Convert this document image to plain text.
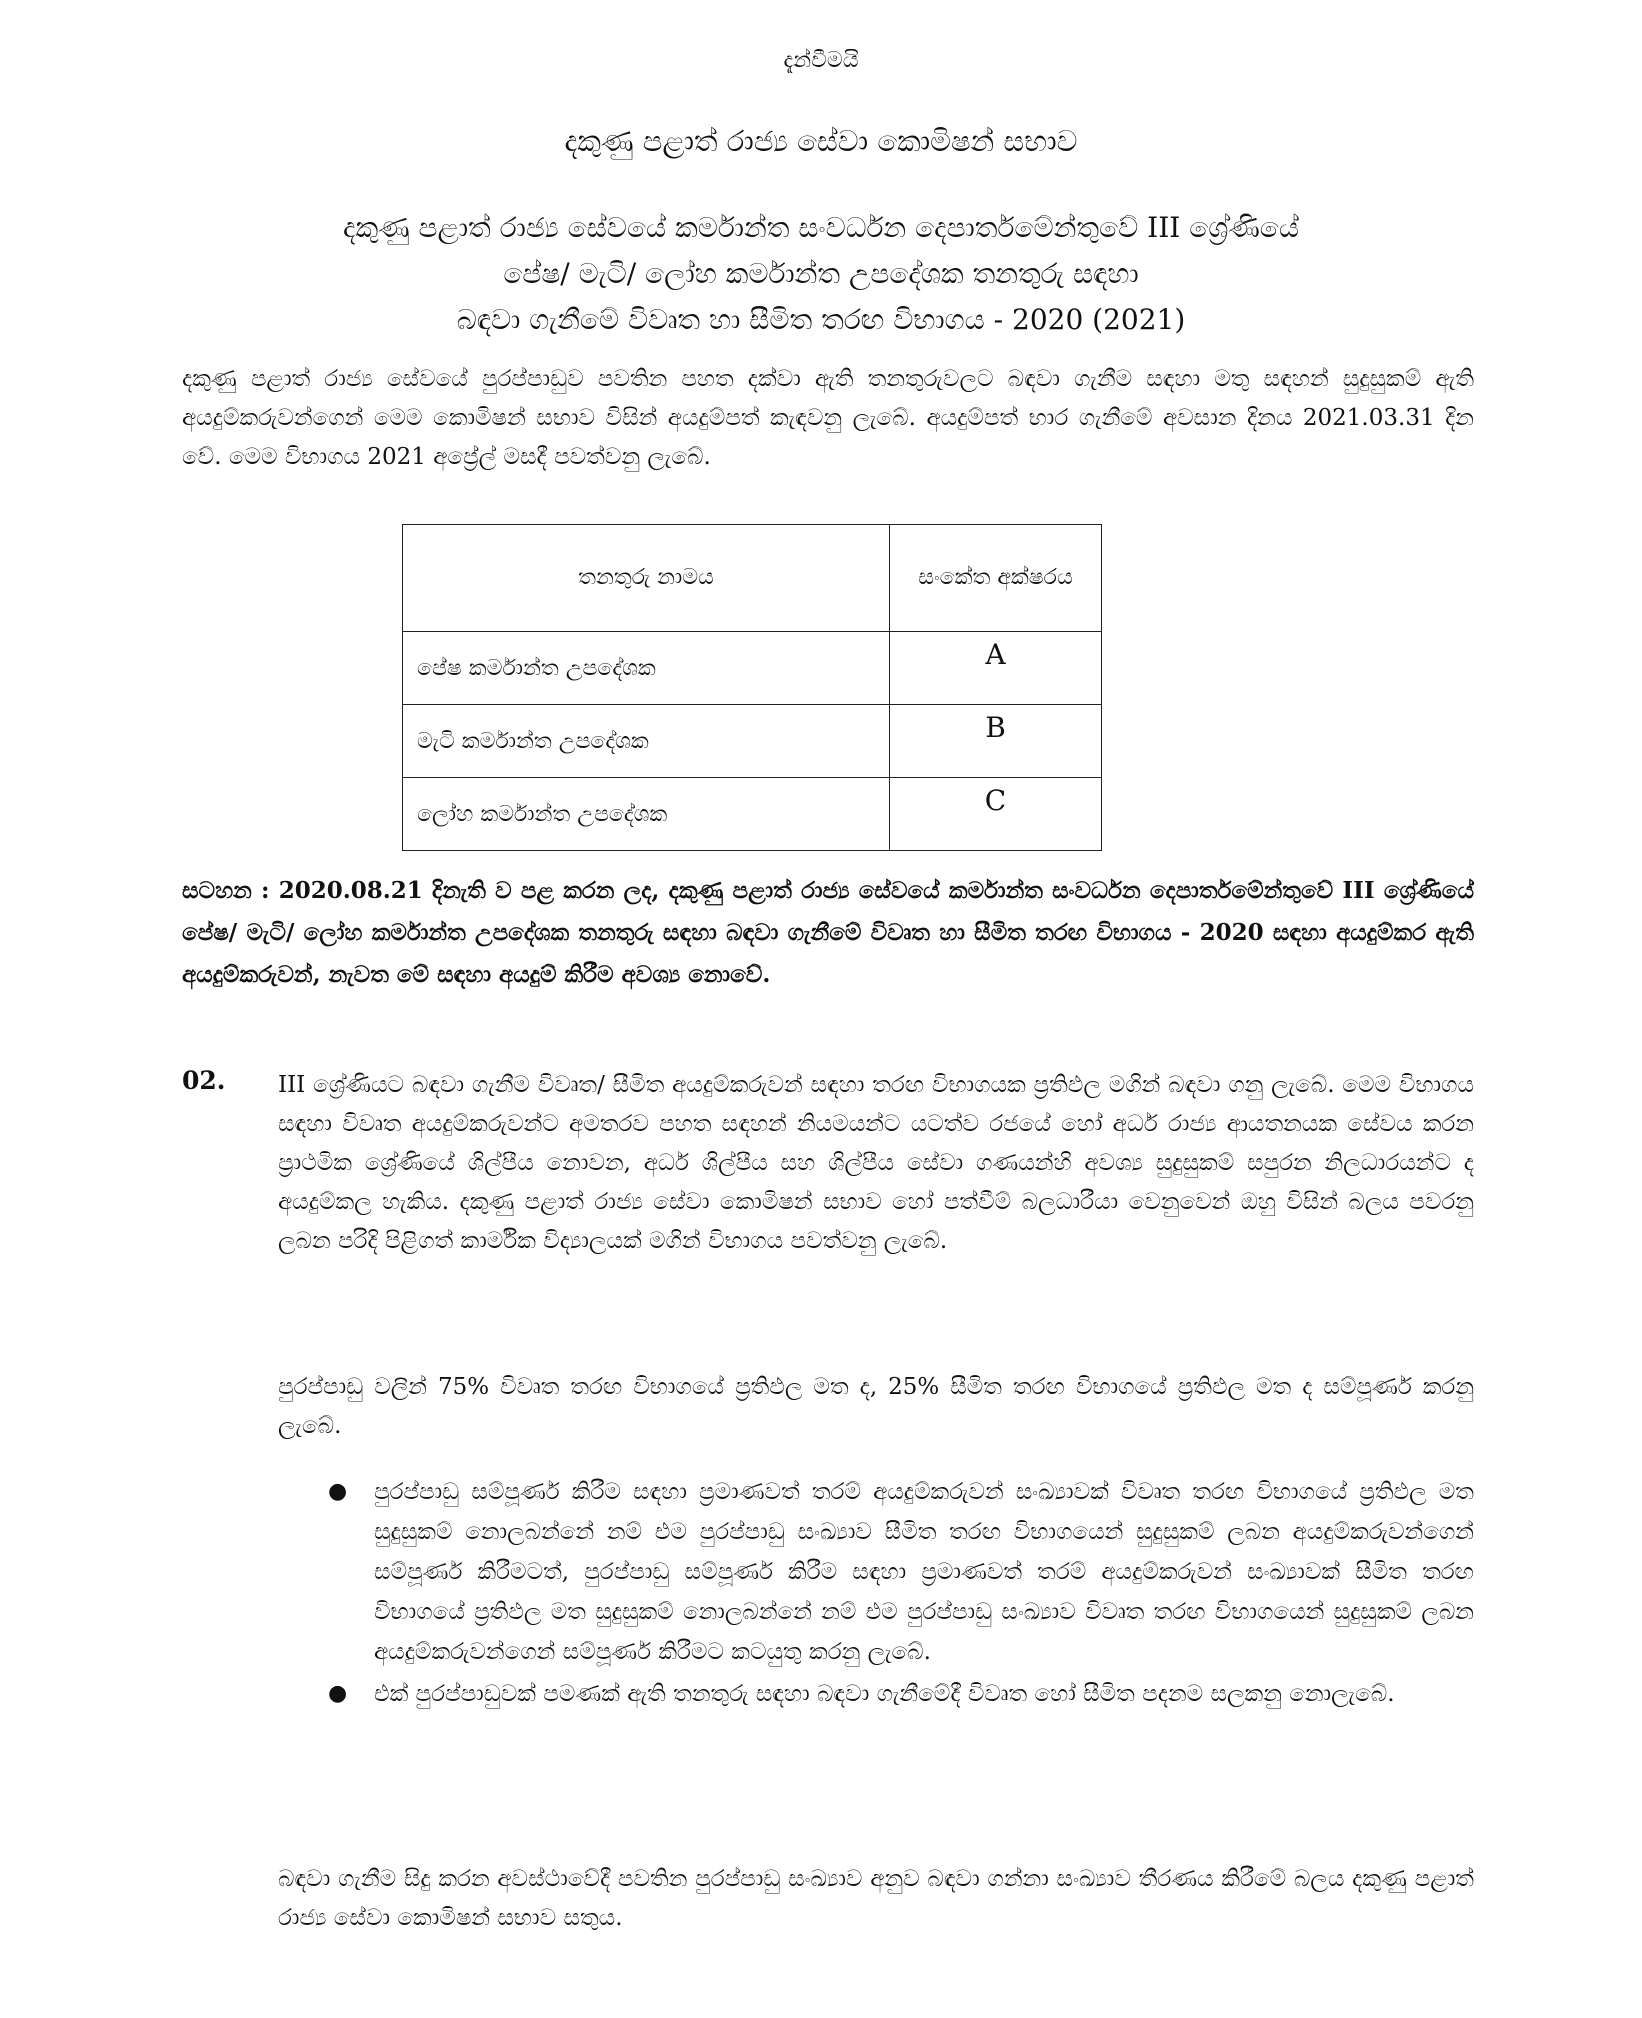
දැන්වීමයි
දකුණු පළාත් රාජ්‍ය සේවා කොමිෂන් සභාව
දකුණු පළාත් රාජ්‍ය සේවයේ කර්මාන්ත සංවර්ධන දෙපාර්තමේන්තුවේ III ශ්‍රේණියේ
පේෂ/ මැටි/ ලෝහ කර්මාන්ත උපදේශක තනතුරු සඳහා
බඳවා ගැනීමේ විවෘත හා සීමිත තරඟ විභාගය - 2020 (2021)
දකුණු පළාත් රාජ්‍ය සේවයේ පුරප්පාඩුව පවතින පහත දක්වා ඇති තනතුරුවලට බඳවා ගැනීම සඳහා මතු සඳහන් සුදුසුකම් ඇති අයදුම්කරුවන්ගෙන් මෙම කොමිෂන් සභාව විසින් අයදුම්පත් කැඳවනු ලැබේ. අයදුම්පත් භාර ගැනීමේ අවසාන දිනය 2021.03.31 දින වේ. මෙම විභාගය 2021 අප්‍රේල් මසදී පවත්වනු ලැබේ.
තනතුරු නාමය	සංකේත අක්ෂරය
පේෂ කර්මාන්ත උපදේශක	A
මැටි කර්මාන්ත උපදේශක	B
ලෝහ කර්මාන්ත උපදේශක	C
සටහන : 2020.08.21 දිනැති ව පළ කරන ලද, දකුණු පළාත් රාජ්‍ය සේවයේ කර්මාන්ත සංවර්ධන දෙපාර්තමේන්තුවේ III ශ්‍රේණියේ පේෂ/ මැටි/ ලෝහ කර්මාන්ත උපදේශක තනතුරු සඳහා බඳවා ගැනීමේ විවෘත හා සීමිත තරඟ විභාගය - 2020 සඳහා අයදුම්කර ඇති අයදුම්කරුවන්, නැවත මේ සඳහා අයදුම් කිරීම අවශ්‍ය නොවේ.
02. III ශ්‍රේණියට බඳවා ගැනීම විවෘත/ සීමිත අයදුම්කරුවන් සඳහා තරඟ විභාගයක ප්‍රතිඵල මගින් බඳවා ගනු ලැබේ. මෙම විභාගය සඳහා විවෘත අයදුම්කරුවන්ට අමතරව පහත සඳහන් නියමයන්ට යටත්ව රජයේ හෝ අර්ධ රාජ්‍ය ආයතනයක සේවය කරන ප්‍රාථමික ශ්‍රේණියේ ශිල්පීය නොවන, අර්ධ ශිල්පීය සහ ශිල්පීය සේවා ගණයන්හි අවශ්‍ය සුදුසුකම් සපුරන නිලධාරයන්ට ද අයදුම්කල හැකිය. දකුණු පළාත් රාජ්‍ය සේවා කොමිෂන් සභාව හෝ පත්වීම් බලධාරීයා වෙනුවෙන් ඔහු විසින් බලය පවරනු ලබන පරිදි පිළිගත් කාර්මික විද්‍යාලයක් මගින් විභාගය පවත්වනු ලැබේ.
පුරප්පාඩු වලින් 75% විවෘත තරඟ විභාගයේ ප්‍රතිඵල මත ද, 25% සීමිත තරඟ විභාගයේ ප්‍රතිඵල මත ද සම්පූර්ණ කරනු ලැබේ.
● පුරප්පාඩු සම්පූර්ණ කිරීම සඳහා ප්‍රමාණවත් තරම් අයදුම්කරුවන් සංඛ්‍යාවක් විවෘත තරඟ විභාගයේ ප්‍රතිඵල මත සුදුසුකම් නොලබන්නේ නම් එම පුරප්පාඩු සංඛ්‍යාව සීමිත තරඟ විභාගයෙන් සුදුසුකම් ලබන අයදුම්කරුවන්ගෙන් සම්පූර්ණ කිරීමටත්, පුරප්පාඩු සම්පූර්ණ කිරීම සඳහා ප්‍රමාණවත් තරම් අයදුම්කරුවන් සංඛ්‍යාවක් සීමිත තරඟ විභාගයේ ප්‍රතිඵල මත සුදුසුකම් නොලබන්නේ නම් එම පුරප්පාඩු සංඛ්‍යාව විවෘත තරඟ විභාගයෙන් සුදුසුකම් ලබන අයදුම්කරුවන්ගෙන් සම්පූර්ණ කිරීමට කටයුතු කරනු ලැබේ.
● එක් පුරප්පාඩුවක් පමණක් ඇති තනතුරු සඳහා බඳවා ගැනීමේදී විවෘත හෝ සීමිත පදනම සලකනු නොලැබේ.
බඳවා ගැනීම සිදු කරන අවස්ථාවේදී පවතින පුරප්පාඩු සංඛ්‍යාව අනුව බඳවා ගන්නා සංඛ්‍යාව තීරණය කිරීමේ බලය දකුණු පළාත් රාජ්‍ය සේවා කොමිෂන් සභාව සතුය.
